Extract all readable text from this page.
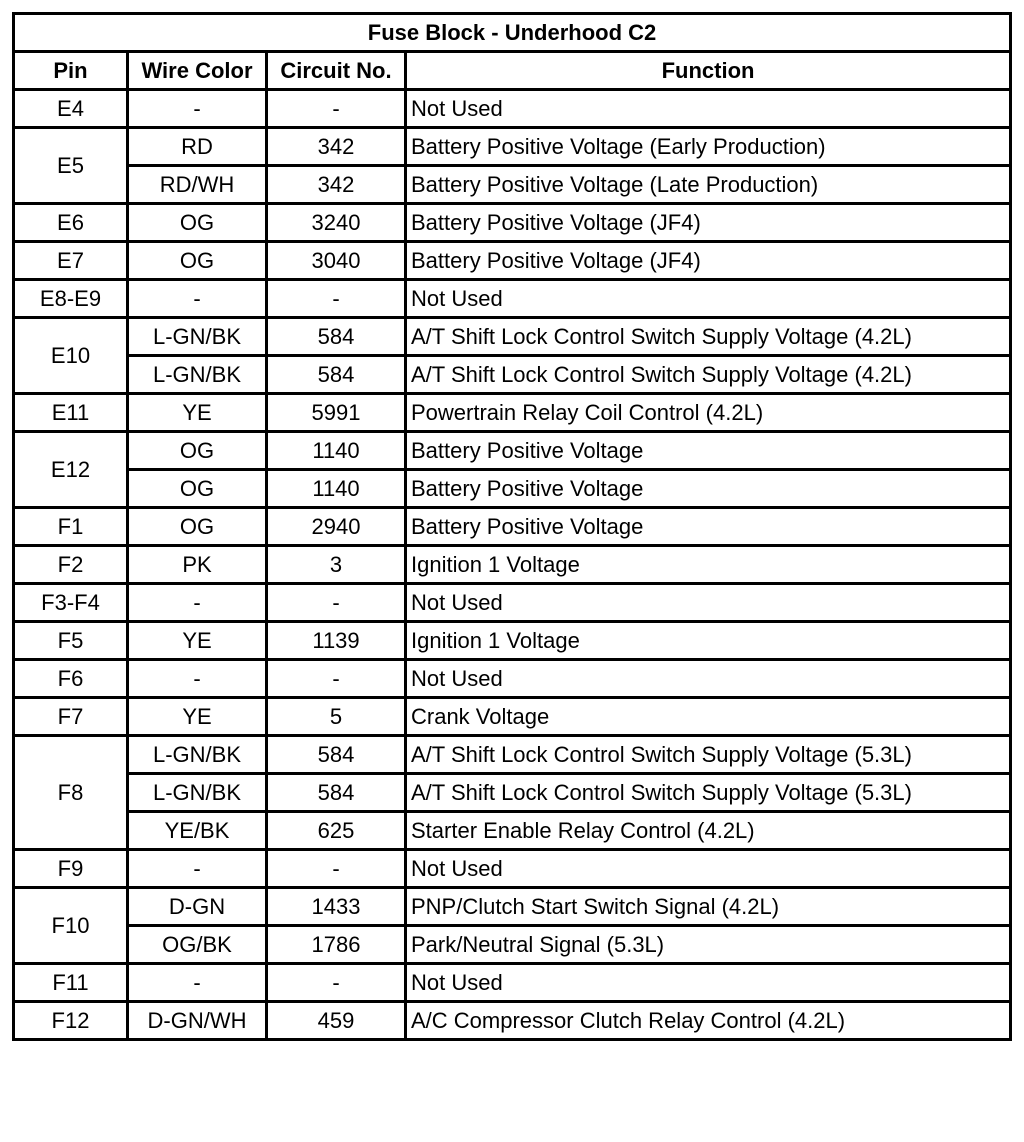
Fuse Block - Underhood C2			
Pin	Wire Color	Circuit No.	Function
E4	-	-	Not Used
E5	RD	342	Battery Positive Voltage (Early Production)
	RD/WH	342	Battery Positive Voltage (Late Production)
E6	OG	3240	Battery Positive Voltage (JF4)
E7	OG	3040	Battery Positive Voltage (JF4)
E8-E9	-	-	Not Used
E10	L-GN/BK	584	A/T Shift Lock Control Switch Supply Voltage (4.2L)
	L-GN/BK	584	A/T Shift Lock Control Switch Supply Voltage (4.2L)
E11	YE	5991	Powertrain Relay Coil Control (4.2L)
E12	OG	1140	Battery Positive Voltage
	OG	1140	Battery Positive Voltage
F1	OG	2940	Battery Positive Voltage
F2	PK	3	Ignition 1 Voltage
F3-F4	-	-	Not Used
F5	YE	1139	Ignition 1 Voltage
F6	-	-	Not Used
F7	YE	5	Crank Voltage
F8	L-GN/BK	584	A/T Shift Lock Control Switch Supply Voltage (5.3L)
	L-GN/BK	584	A/T Shift Lock Control Switch Supply Voltage (5.3L)
	YE/BK	625	Starter Enable Relay Control (4.2L)
F9	-	-	Not Used
F10	D-GN	1433	PNP/Clutch Start Switch Signal (4.2L)
	OG/BK	1786	Park/Neutral Signal (5.3L)
F11	-	-	Not Used
F12	D-GN/WH	459	A/C Compressor Clutch Relay Control (4.2L)
